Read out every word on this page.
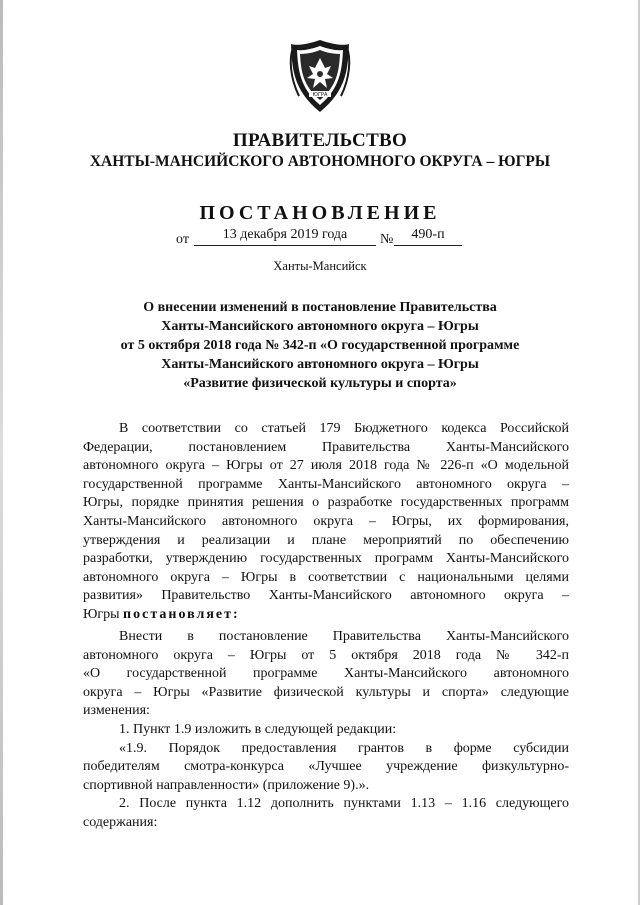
ЮГРА
ПРАВИТЕЛЬСТВО
ХАНТЫ-МАНСИЙСКОГО АВТОНОМНОГО ОКРУГА – ЮГРЫ
ПОСТАНОВЛЕНИЕ
от	13 декабря 2019 года	№	490-п
Ханты-Мансийск
О внесении изменений в постановление Правительства
Ханты-Мансийского автономного округа – Югры
от 5 октября 2018 года № 342-п «О государственной программе
Ханты-Мансийского автономного округа – Югры
«Развитие физической культуры и спорта»
В соответствии со статьей 179 Бюджетного кодекса Российской
Федерации, постановлением Правительства Ханты-Мансийского
автономного округа – Югры от 27 июля 2018 года № 226-п «О модельной
государственной программе Ханты-Мансийского автономного округа –
Югры, порядке принятия решения о разработке государственных программ
Ханты-Мансийского автономного округа – Югры, их формирования,
утверждения и реализации и плане мероприятий по обеспечению
разработки, утверждению государственных программ Ханты-Мансийского
автономного округа – Югры в соответствии с национальными целями
развития» Правительство Ханты-Мансийского автономного округа –
Югры постановляет:
Внести в постановление Правительства Ханты-Мансийского
автономного округа – Югры от 5 октября 2018 года № 342-п
«О государственной программе Ханты-Мансийского автономного
округа – Югры «Развитие физической культуры и спорта» следующие
изменения:
1. Пункт 1.9 изложить в следующей редакции:
«1.9. Порядок предоставления грантов в форме субсидии
победителям смотра-конкурса «Лучшее учреждение физкультурно-
спортивной направленности» (приложение 9).».
2. После пункта 1.12 дополнить пунктами 1.13 – 1.16 следующего
содержания:
